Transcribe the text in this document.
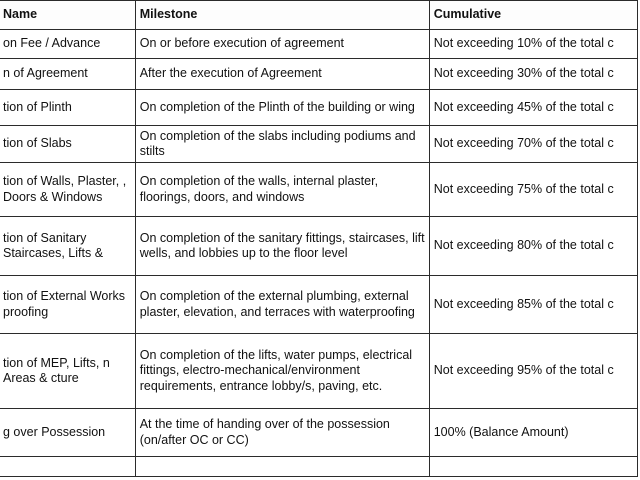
Name	Milestone	Cumulative
on Fee / Advance	On or before execution of agreement	Not exceeding 10% of the total c
n of Agreement	After the execution of Agreement	Not exceeding 30% of the total c
tion of Plinth	On completion of the Plinth of the building or wing	Not exceeding 45% of the total c
tion of Slabs	On completion of the slabs including podiums and stilts	Not exceeding 70% of the total c
tion of Walls, Plaster, , Doors & Windows	On completion of the walls, internal plaster, floorings, doors, and windows	Not exceeding 75% of the total c
tion of Sanitary Staircases, Lifts &	On completion of the sanitary fittings, staircases, lift wells, and lobbies up to the floor level	Not exceeding 80% of the total c
tion of External Works proofing	On completion of the external plumbing, external plaster, elevation, and terraces with waterproofing	Not exceeding 85% of the total c
tion of MEP, Lifts, n Areas & cture	On completion of the lifts, water pumps, electrical fittings, electro-mechanical/environment requirements, entrance lobby/s, paving, etc.	Not exceeding 95% of the total c
g over Possession	At the time of handing over of the possession (on/after OC or CC)	100% (Balance Amount)
